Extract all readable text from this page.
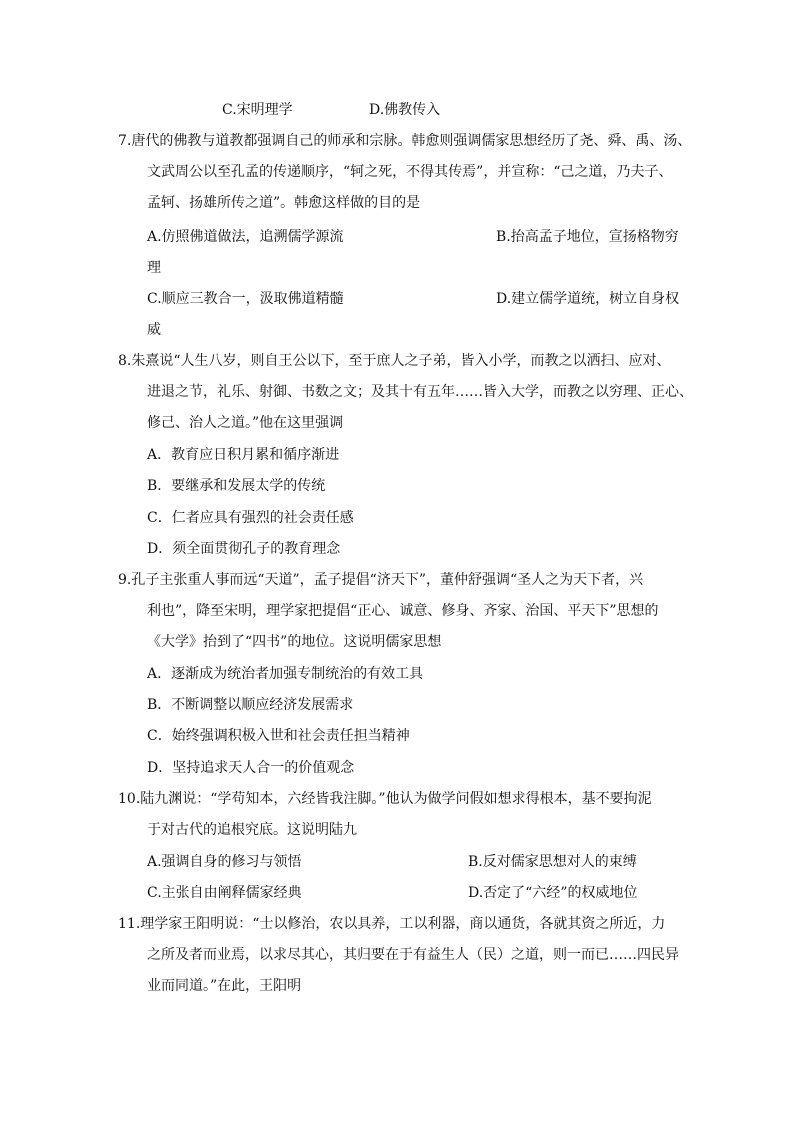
C.宋明理学	D.佛教传入
7.唐代的佛教与道教都强调自己的师承和宗脉。韩愈则强调儒家思想经历了尧、舜、禹、汤、
文武周公以至孔孟的传递顺序，“轲之死，不得其传焉”，并宣称：“己之道，乃夫子、
孟轲、扬雄所传之道”。韩愈这样做的目的是
A.仿照佛道做法，追溯儒学源流	B.抬高孟子地位，宣扬格物穷
理
C.顺应三教合一，汲取佛道精髓	D.建立儒学道统，树立自身权
威
8.朱熹说“人生八岁，则自王公以下，至于庶人之子弟，皆入小学，而教之以洒扫、应对、
进退之节，礼乐、射御、书数之文；及其十有五年……皆入大学，而教之以穷理、正心、
修己、治人之道。”他在这里强调
A．教育应日积月累和循序渐进
B．要继承和发展太学的传统
C．仁者应具有强烈的社会责任感
D．须全面贯彻孔子的教育理念
9.孔子主张重人事而远“天道”，孟子提倡“济天下”，董仲舒强调“圣人之为天下者，兴
利也”，降至宋明，理学家把提倡“正心、诚意、修身、齐家、治国、平天下”思想的
《大学》抬到了“四书”的地位。这说明儒家思想
A．逐渐成为统治者加强专制统治的有效工具
B．不断调整以顺应经济发展需求
C．始终强调积极入世和社会责任担当精神
D．坚持追求天人合一的价值观念
10.陆九渊说：“学苟知本，六经皆我注脚。”他认为做学问假如想求得根本，基不要拘泥
于对古代的追根究底。这说明陆九
A.强调自身的修习与领悟	B.反对儒家思想对人的束缚
C.主张自由阐释儒家经典	D.否定了“六经”的权威地位
11.理学家王阳明说：“士以修治，农以具养，工以利器，商以通货，各就其资之所近，力
之所及者而业焉，以求尽其心，其归要在于有益生人（民）之道，则一而已……四民异
业而同道。”在此，王阳明
